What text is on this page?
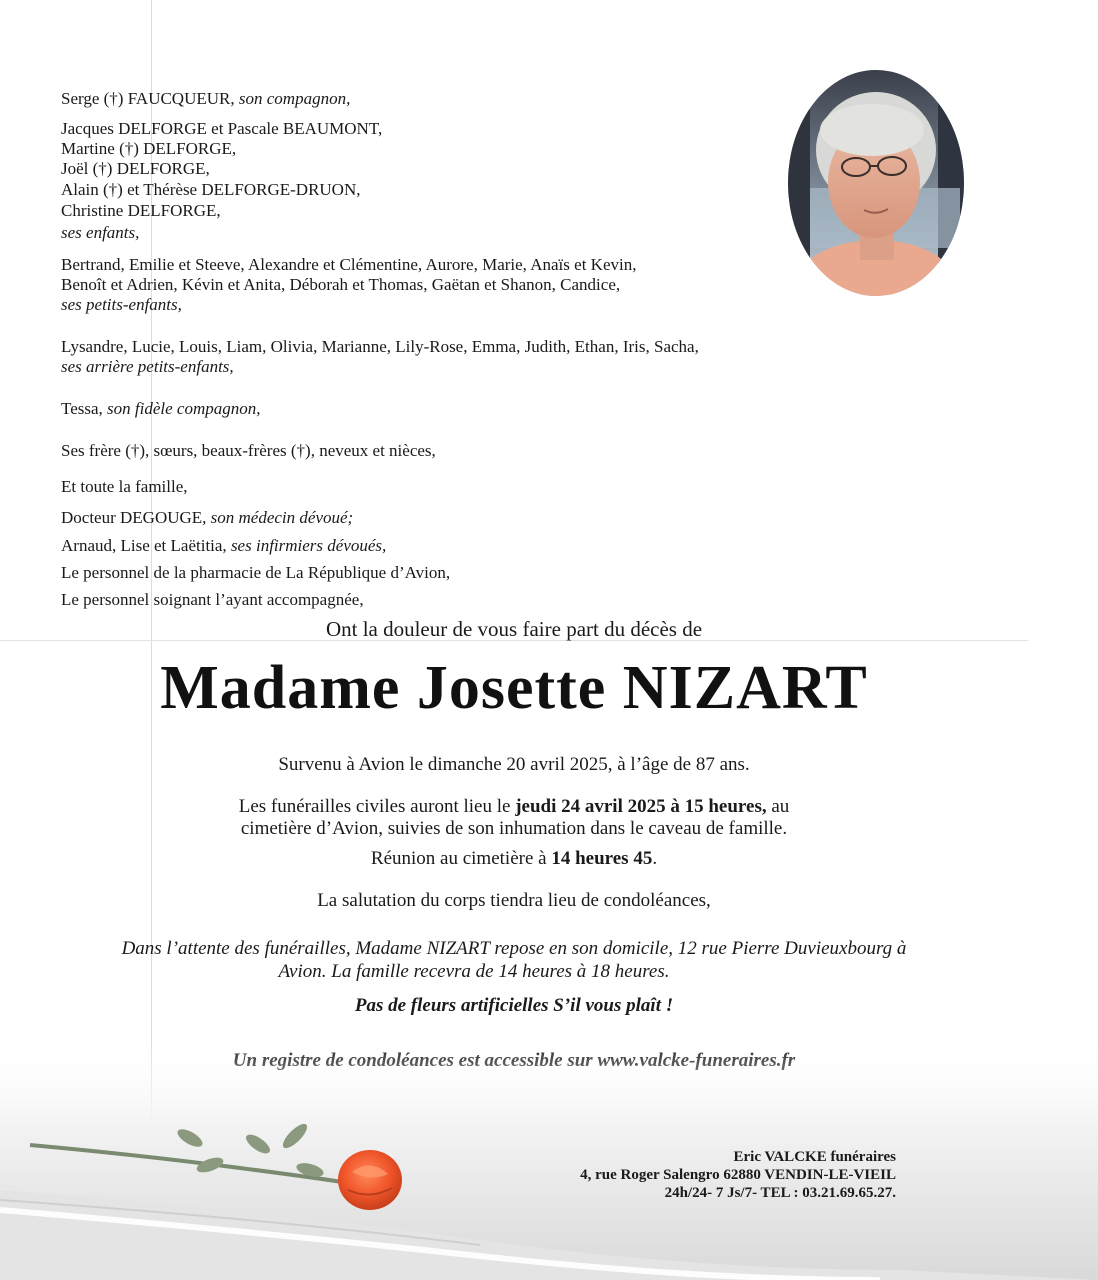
Serge (†) FAUCQUEUR, son compagnon,
Jacques DELFORGE et Pascale BEAUMONT,
Martine (†) DELFORGE,
Joël (†) DELFORGE,
Alain (†) et Thérèse DELFORGE-DRUON,
Christine DELFORGE,
ses enfants,
Bertrand, Emilie et Steeve, Alexandre et Clémentine, Aurore, Marie, Anaïs et Kevin,
Benoît et Adrien, Kévin et Anita, Déborah et Thomas, Gaëtan et Shanon, Candice,
ses petits-enfants,
Lysandre, Lucie, Louis, Liam, Olivia, Marianne, Lily-Rose, Emma, Judith, Ethan, Iris, Sacha,
ses arrière petits-enfants,
Tessa, son fidèle compagnon,
Ses frère (†), sœurs, beaux-frères (†), neveux et nièces,
Et toute la famille,
Docteur DEGOUGE, son médecin dévoué;
Arnaud, Lise et Laëtitia, ses infirmiers dévoués,
Le personnel de la pharmacie de La République d’Avion,
Le personnel soignant l’ayant accompagnée,
Ont la douleur de vous faire part du décès de
Madame Josette NIZART
Survenu à Avion le dimanche 20 avril 2025, à l’âge de 87 ans.
Les funérailles civiles auront lieu le jeudi 24 avril 2025 à 15 heures, au
cimetière d’Avion, suivies de son inhumation dans le caveau de famille.
Réunion au cimetière à 14 heures 45.
La salutation du corps tiendra lieu de condoléances,
Dans l’attente des funérailles, Madame NIZART repose en son domicile, 12 rue Pierre Duvieuxbourg à
Avion. La famille recevra de 14 heures à 18 heures.
Pas de fleurs artificielles S’il vous plaît !
Eric VALCKE funéraires
4, rue Roger Salengro 62880 VENDIN-LE-VIEIL
24h/24- 7 Js/7- TEL : 03.21.69.65.27.
